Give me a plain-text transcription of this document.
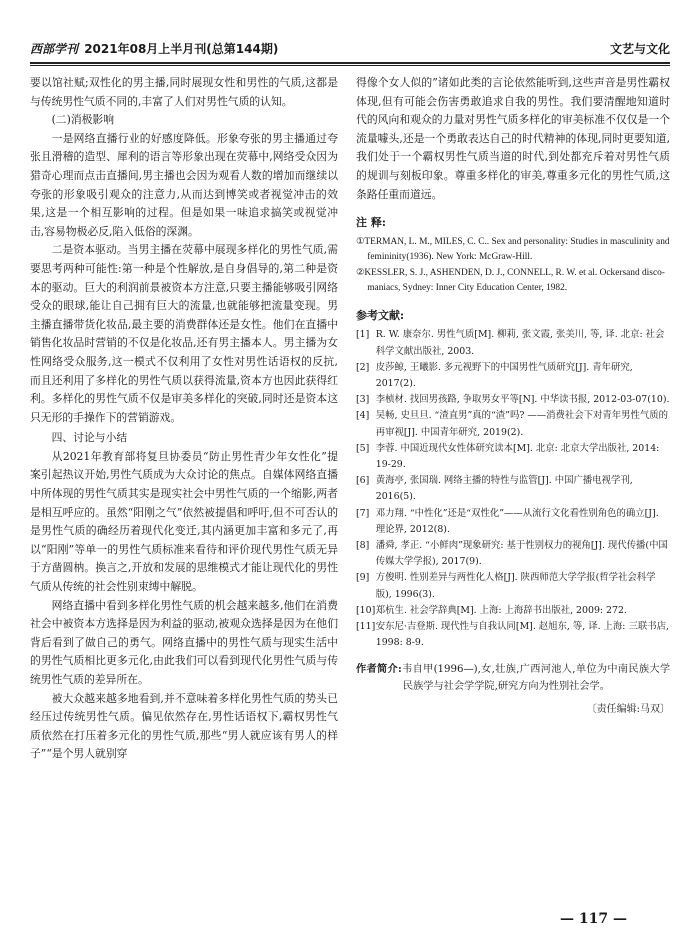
西部学刊 2021年08月上半月刊(总第144期)	文艺与文化

要以馆社赋;双性化的男主播,同时展现女性和男性的气质,这都是与传统男性气质不同的,丰富了人们对男性气质的认知。

(二)消极影响

一是网络直播行业的好感度降低。形象夸张的男主播通过夸张且滑稽的造型、犀利的语言等形象出现在荧幕中,网络受众因为猎奇心理而点击直播间,男主播也会因为观看人数的增加而继续以夸张的形象吸引观众的注意力,从而达到博笑或者视觉冲击的效果,这是一个相互影响的过程。但是如果一味追求搞笑或视觉冲击,容易物极必反,陷入低俗的深渊。

二是资本驱动。当男主播在荧幕中展现多样化的男性气质,需要思考两种可能性:第一种是个性解放,是自身倡导的,第二种是资本的驱动。巨大的利润前景被资本方注意,只要主播能够吸引网络受众的眼球,能让自己拥有巨大的流量,也就能够把流量变现。男主播直播带货化妆品,最主要的消费群体还是女性。他们在直播中销售化妆品时营销的不仅是化妆品,还有男主播本人。男主播为女性网络受众服务,这一模式不仅利用了女性对男性话语权的反抗,而且还利用了多样化的男性气质以获得流量,资本方也因此获得红利。多样化的男性气质不仅是审美多样化的突破,同时还是资本这只无形的手操作下的营销游戏。

四、讨论与小结

从2021年教育部将复旦协委员“防止男性青少年女性化”提案引起热议开始,男性气质成为大众讨论的焦点。自媒体网络直播中所体现的男性气质其实是现实社会中男性气质的一个缩影,两者是相互呼应的。虽然“阳刚之气”依然被提倡和呼吁,但不可否认的是男性气质的确经历着现代化变迁,其内涵更加丰富和多元了,再以“阳刚”等单一的男性气质标准来看待和评价现代男性气质无异于方凿圆枘。换言之,开放和发展的思维模式才能让现代化的男性气质从传统的社会性别束缚中解脱。

网络直播中看到多样化男性气质的机会越来越多,他们在消费社会中被资本方选择是因为利益的驱动,被观众选择是因为在他们背后看到了做自己的勇气。网络直播中的男性气质与现实生活中的男性气质相比更多元化,由此我们可以看到现代化男性气质与传统男性气质的差异所在。

被大众越来越多地看到,并不意味着多样化男性气质的势头已经压过传统男性气质。偏见依然存在,男性话语权下,霸权男性气质依然在打压着多元化的男性气质,那些“男人就应该有男人的样子”“是个男人就别穿

得像个女人似的”诸如此类的言论依然能听到,这些声音是男性霸权体现,但有可能会伤害勇敢追求自我的男性。我们要清醒地知道时代的风向和观众的力量对男性气质多样化的审美标准不仅仅是一个流量噱头,还是一个勇敢表达自己的时代精神的体现,同时更要知道,我们处于一个霸权男性气质当道的时代,到处都充斥着对男性气质的规训与刻板印象。尊重多样化的审美,尊重多元化的男性气质,这条路任重而道远。

注 释:

①TERMAN, L. M., MILES, C. C.. Sex and personality: Studies in masculinity and femininity(1936). New York: McGraw-Hill.

②KESSLER, S. J., ASHENDEN, D. J., CONNELL, R. W. et al. Ockersand disco-maniacs, Sydney: Inner City Education Center, 1982.

参考文献:
[1] R. W. 康奈尔. 男性气质[M]. 柳莉, 张文霞, 张美川, 等, 译. 北京: 社会科学文献出版社, 2003.
[2] 皮莎鲸, 王曦影. 多元视野下的中国男性气质研究[J]. 青年研究, 2017(2).
[3] 李桢材. 找回男孩路, 争取男女平等[N]. 中华读书报, 2012-03-07(10).
[4] 吴畅, 史旦旦. “渣直男”真的“渣”吗? ——消费社会下对青年男性气质的再审视[J]. 中国青年研究, 2019(2).
[5] 李蓉. 中国近现代女性体研究读本[M]. 北京: 北京大学出版社, 2014: 19-29.
[6] 黄海亭, 张国瑞. 网络主播的特性与监管[J]. 中国广播电视学刊, 2016(5).
[7] 邓力翔. “中性化”还是“双性化”——从流行文化看性别角色的确立[J]. 理论界, 2012(8).
[8] 潘舜, 孝正. “小鲜肉”现象研究: 基于性别权力的视角[J]. 现代传播(中国传媒大学学报), 2017(9).
[9] 方俊明. 性别差异与两性化人格[J]. 陕西师范大学学报(哲学社会科学版), 1996(3).
[10]郑杭生. 社会学辞典[M]. 上海: 上海辞书出版社, 2009: 272.
[11]安东尼·吉登斯. 现代性与自我认同[M]. 赵旭东, 等, 译. 上海: 三联书店, 1998: 8-9.
作者简介:韦自甲(1996—),女,壮族,广西河池人,单位为中南民族大学民族学与社会学学院,研究方向为性别社会学。
〔责任编辑:马双〕
— 117 —
